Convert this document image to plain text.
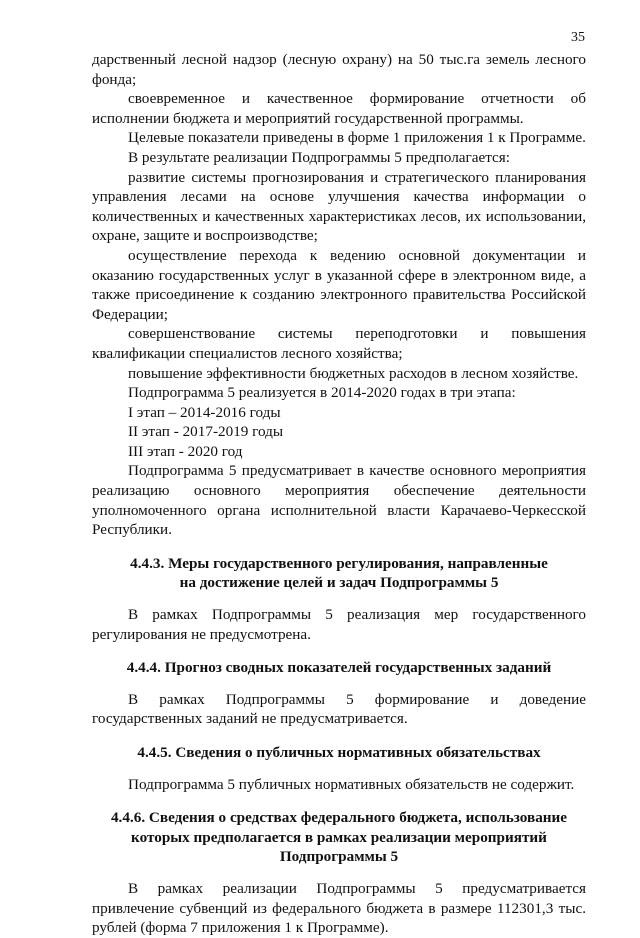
35

дарственный лесной надзор (лесную охрану) на 50 тыс.га земель лесного фонда;

своевременное и качественное формирование отчетности об исполнении бюджета и мероприятий государственной программы.

Целевые показатели приведены в форме 1 приложения 1 к Программе.

В результате реализации Подпрограммы 5 предполагается:

развитие системы прогнозирования и стратегического планирования управления лесами на основе улучшения качества информации о количественных и качественных характеристиках лесов, их использовании, охране, защите и воспроизводстве;

осуществление перехода к ведению основной документации и оказанию государственных услуг в указанной сфере в электронном виде, а также присоединение к созданию электронного правительства Российской Федерации;

совершенствование системы переподготовки и повышения квалификации специалистов лесного хозяйства;

повышение эффективности бюджетных расходов в лесном хозяйстве.

Подпрограмма 5 реализуется в 2014-2020 годах в три этапа:

I этап – 2014-2016 годы

II этап - 2017-2019 годы

III этап - 2020 год

Подпрограмма 5 предусматривает в качестве основного мероприятия реализацию основного мероприятия обеспечение деятельности уполномоченного органа исполнительной власти Карачаево-Черкесской Республики.

4.4.3. Меры государственного регулирования, направленные

на достижение целей и задач Подпрограммы 5

В рамках Подпрограммы 5 реализация мер государственного регулирования не предусмотрена.

4.4.4. Прогноз сводных показателей государственных заданий

В рамках Подпрограммы 5 формирование и доведение государственных заданий не предусматривается.

4.4.5. Сведения о публичных нормативных обязательствах

Подпрограмма 5 публичных нормативных обязательств не содержит.

4.4.6. Сведения о средствах федерального бюджета, использование

которых предполагается в рамках реализации мероприятий

Подпрограммы 5

В рамках реализации Подпрограммы 5 предусматривается привлечение субвенций из федерального бюджета в размере 112301,3 тыс. рублей (форма 7 приложения 1 к Программе).
